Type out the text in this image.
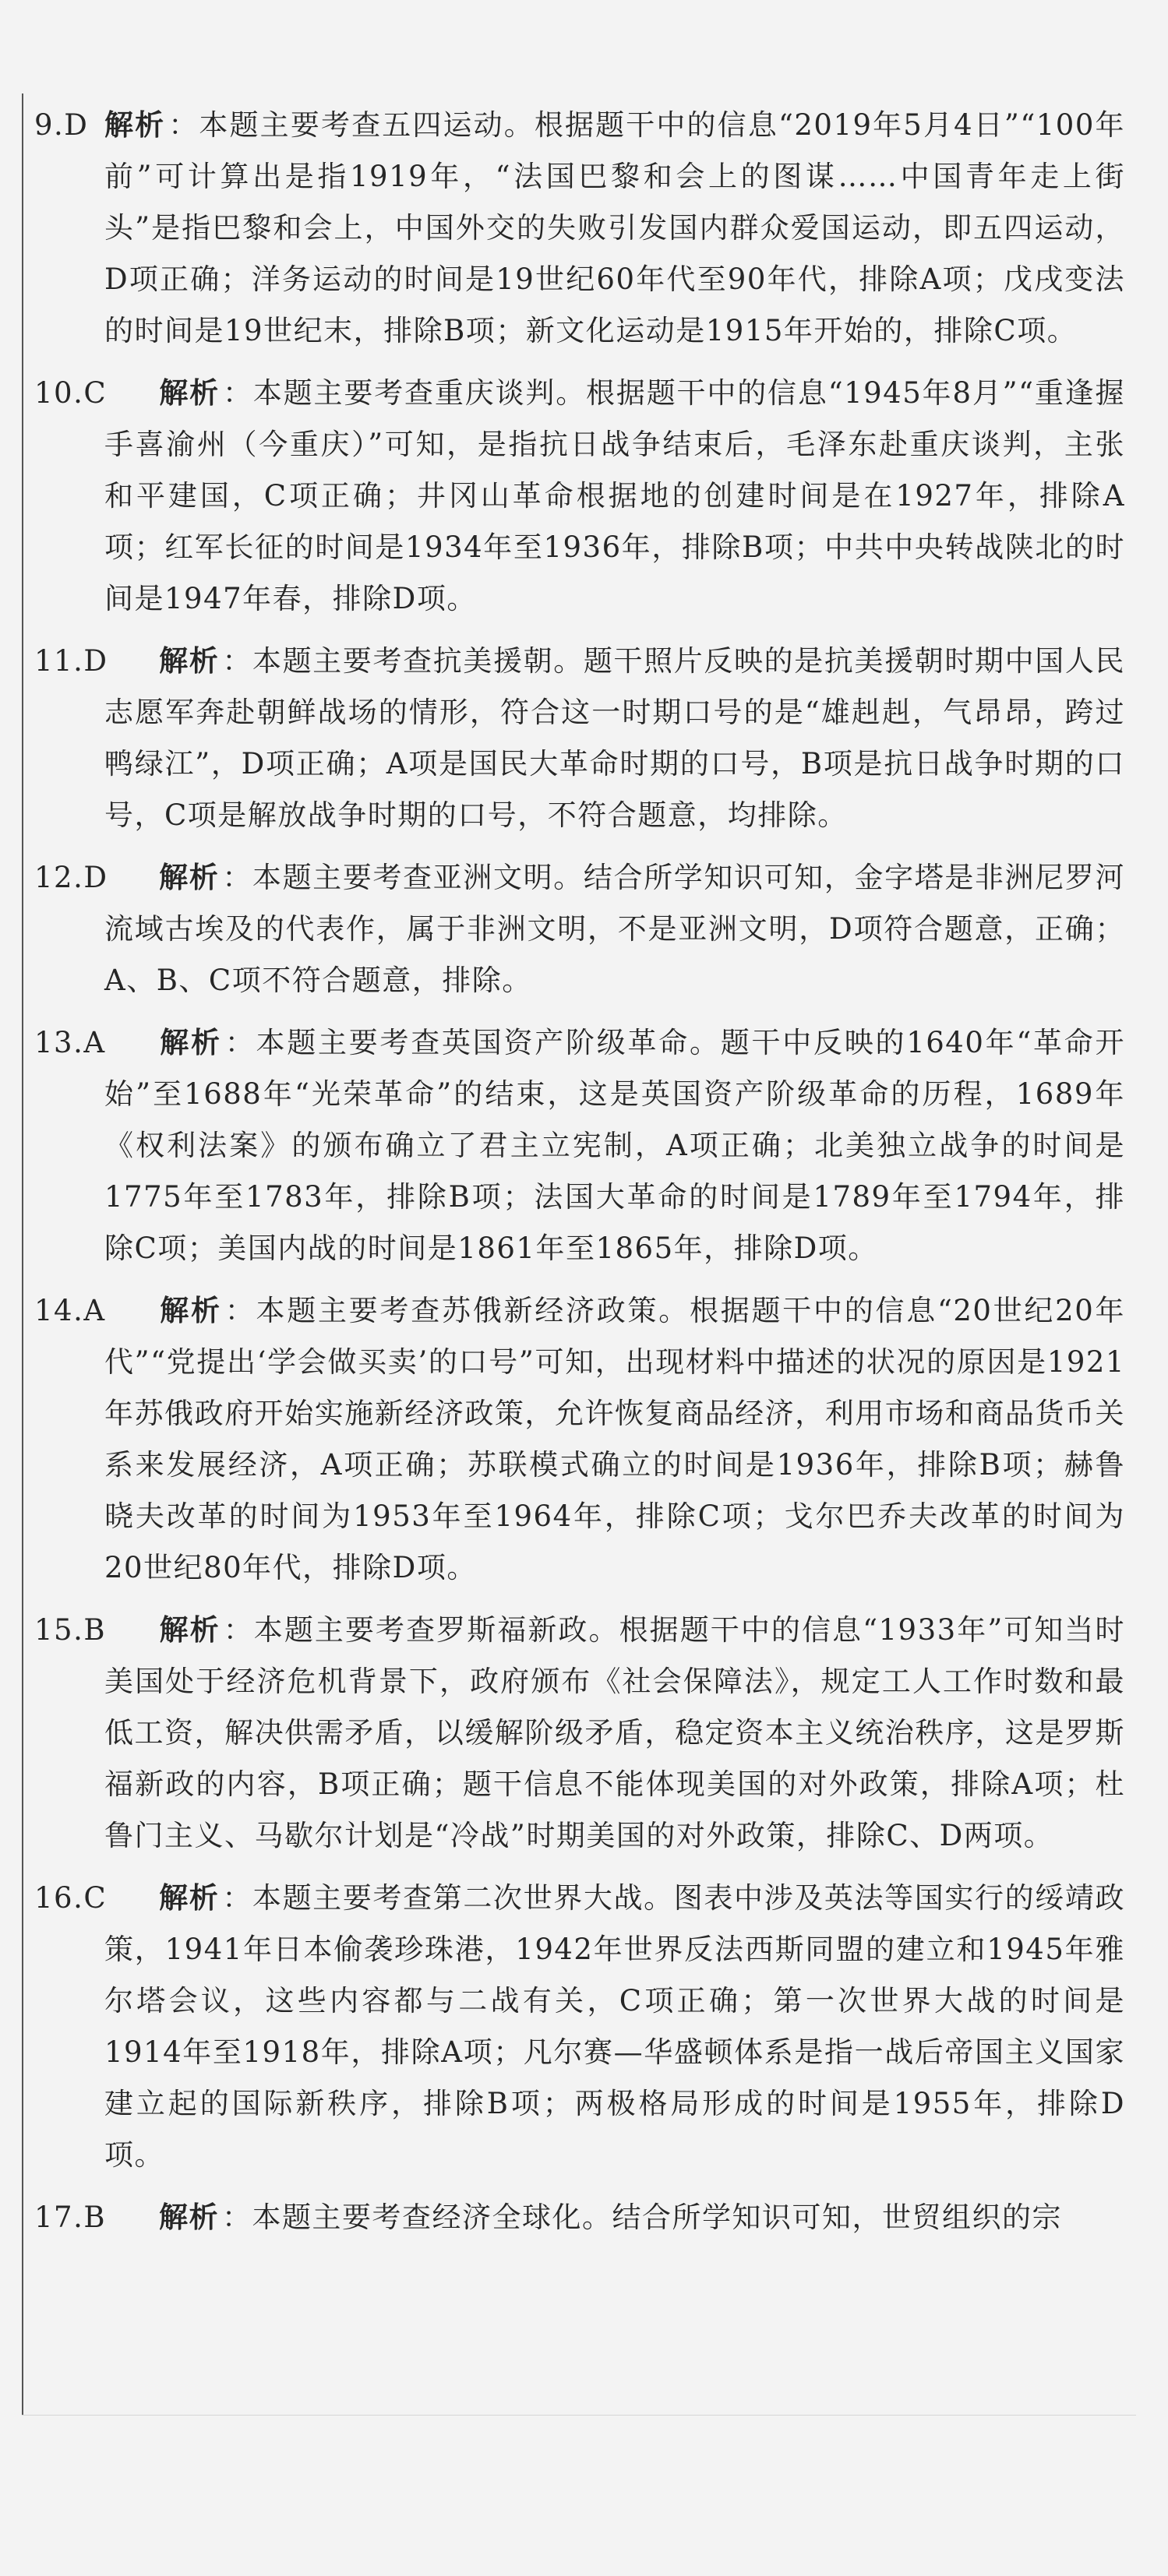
9.D 解析 ：本题主要考查五四运动。根据题干中的信息“2019年5月4日”“100年前”可计算出是指1919年，“法国巴黎和会上的图谋……中国青年走上街头”是指巴黎和会上，中国外交的失败引发国内群众爱国运动，即五四运动，D项正确；洋务运动的时间是19世纪60年代至90年代，排除A项；戊戌变法的时间是19世纪末，排除B项；新文化运动是1915年开始的，排除C项。
10.C	解析 ：本题主要考查重庆谈判。根据题干中的信息“1945年8月”“重逢握手喜渝州（今重庆）”可知，是指抗日战争结束后，毛泽东赴重庆谈判，主张和平建国，C项正确；井冈山革命根据地的创建时间是在1927年，排除A项；红军长征的时间是1934年至1936年，排除B项；中共中央转战陕北的时间是1947年春，排除D项。
11.D	解析 ：本题主要考查抗美援朝。题干照片反映的是抗美援朝时期中国人民志愿军奔赴朝鲜战场的情形，符合这一时期口号的是“雄赳赳，气昂昂，跨过鸭绿江”，D项正确；A项是国民大革命时期的口号，B项是抗日战争时期的口号，C项是解放战争时期的口号，不符合题意，均排除。
12.D	解析 ：本题主要考查亚洲文明。结合所学知识可知，金字塔是非洲尼罗河流域古埃及的代表作，属于非洲文明，不是亚洲文明，D项符合题意，正确；A、B、C项不符合题意，排除。
13.A	解析 ：本题主要考查英国资产阶级革命。题干中反映的1640年“革命开始”至1688年“光荣革命”的结束，这是英国资产阶级革命的历程，1689年《权利法案》的颁布确立了君主立宪制，A项正确；北美独立战争的时间是1775年至1783年，排除B项；法国大革命的时间是1789年至1794年，排除C项；美国内战的时间是1861年至1865年，排除D项。
14.A	解析 ：本题主要考查苏俄新经济政策。根据题干中的信息“20世纪20年代”“党提出‘学会做买卖’的口号”可知，出现材料中描述的状况的原因是1921年苏俄政府开始实施新经济政策，允许恢复商品经济，利用市场和商品货币关系来发展经济，A项正确；苏联模式确立的时间是1936年，排除B项；赫鲁晓夫改革的时间为1953年至1964年，排除C项；戈尔巴乔夫改革的时间为20世纪80年代，排除D项。
15.B	解析 ：本题主要考查罗斯福新政。根据题干中的信息“1933年”可知当时美国处于经济危机背景下，政府颁布《社会保障法》，规定工人工作时数和最低工资，解决供需矛盾，以缓解阶级矛盾，稳定资本主义统治秩序，这是罗斯福新政的内容，B项正确；题干信息不能体现美国的对外政策，排除A项；杜鲁门主义、马歇尔计划是“冷战”时期美国的对外政策，排除C、D两项。
16.C	解析 ：本题主要考查第二次世界大战。图表中涉及英法等国实行的绥靖政策，1941年日本偷袭珍珠港，1942年世界反法西斯同盟的建立和1945年雅尔塔会议，这些内容都与二战有关，C项正确；第一次世界大战的时间是1914年至1918年，排除A项；凡尔赛—华盛顿体系是指一战后帝国主义国家建立起的国际新秩序，排除B项；两极格局形成的时间是1955年，排除D项。
17.B	解析 ：本题主要考查经济全球化。结合所学知识可知，世贸组织的宗
